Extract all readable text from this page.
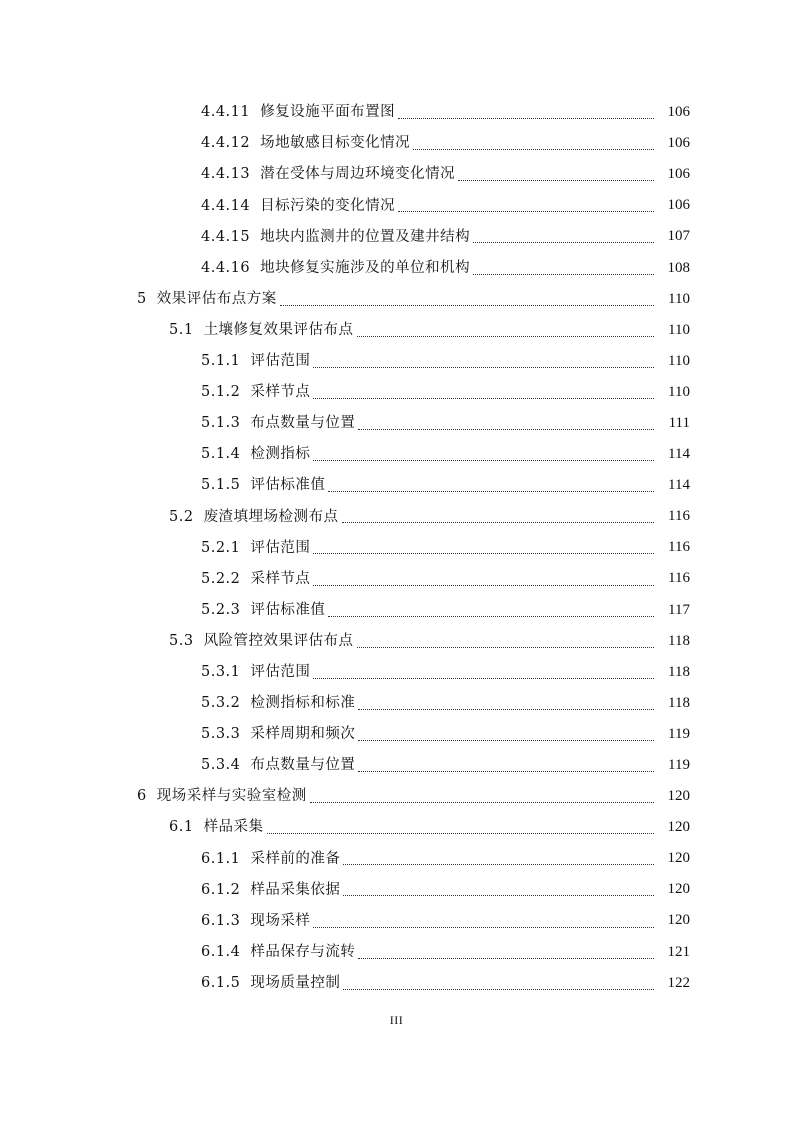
4.4.11 修复设施平面布置图	106
4.4.12 场地敏感目标变化情况	106
4.4.13 潜在受体与周边环境变化情况	106
4.4.14 目标污染的变化情况	106
4.4.15 地块内监测井的位置及建井结构	107
4.4.16 地块修复实施涉及的单位和机构	108
5 效果评估布点方案	110
5.1 土壤修复效果评估布点	110
5.1.1 评估范围	110
5.1.2 采样节点	110
5.1.3 布点数量与位置	111
5.1.4 检测指标	114
5.1.5 评估标准值	114
5.2 废渣填埋场检测布点	116
5.2.1 评估范围	116
5.2.2 采样节点	116
5.2.3 评估标准值	117
5.3 风险管控效果评估布点	118
5.3.1 评估范围	118
5.3.2 检测指标和标准	118
5.3.3 采样周期和频次	119
5.3.4 布点数量与位置	119
6 现场采样与实验室检测	120
6.1 样品采集	120
6.1.1 采样前的准备	120
6.1.2 样品采集依据	120
6.1.3 现场采样	120
6.1.4 样品保存与流转	121
6.1.5 现场质量控制	122
III
